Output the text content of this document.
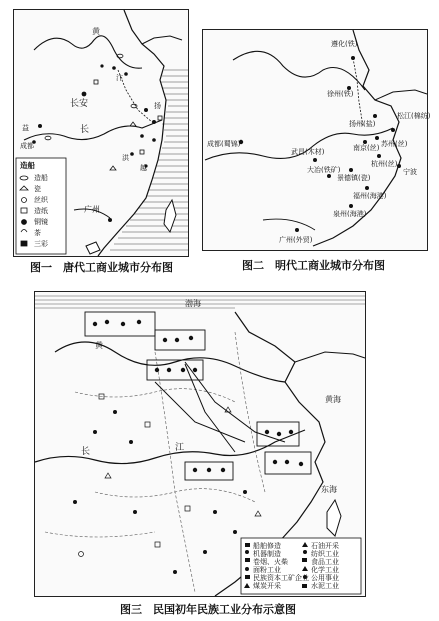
长安
广州
长
扬
益
成都
越
洪
黄
汴
造船
造船
瓷
丝织
造纸
铜镜
茶
三彩
图一　唐代工商业城市分布图
遵化(铁)
徐州(铁)
成都(蜀锦)
武昌(木材)
扬州(盐)
松江(棉纺)
苏州(丝)
南京(丝)
杭州(丝)
宁波
景德镇(瓷)
大冶(铁矿)
福州(海港)
泉州(海港)
广州(外贸)
图二　明代工商业城市分布图
渤海
黄海
东海
长	江
黄
船舶修造	石油开采
机器制造	纺织工业
卷烟、火柴	食品工业
面粉工业	化学工业
民族资本工矿企业 公用事业
煤炭开采	水泥工业
图三　民国初年民族工业分布示意图
